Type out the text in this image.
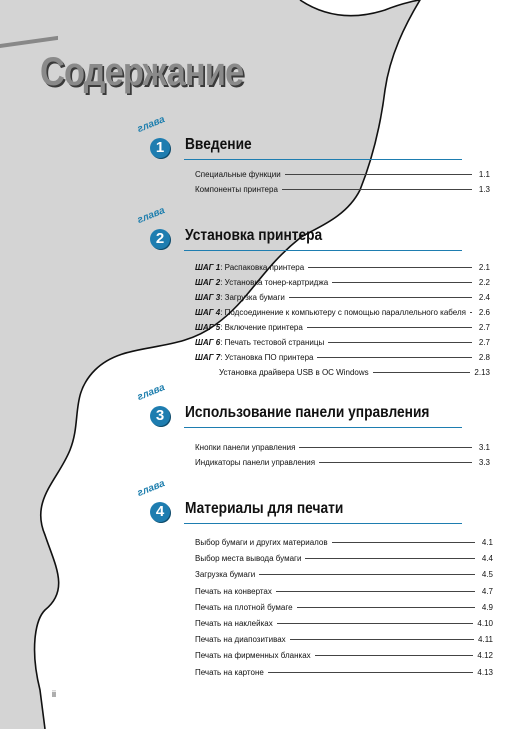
Содержание
глава
1	Введение
Специальные функции	1.1
Компоненты принтера	1.3
глава
2	Установка принтера
ШАГ 1: Распаковка принтера	2.1
ШАГ 2: Установка тонер-картриджа	2.2
ШАГ 3: Загрузка бумаги	2.4
ШАГ 4: Подсоединение к компьютеру с помощью параллельного кабеля	2.6
ШАГ 5: Включение принтера	2.7
ШАГ 6: Печать тестовой страницы	2.7
ШАГ 7: Установка ПО принтера	2.8
Установка драйвера USB в ОС Windows	2.13
глава
3	Использование панели управления
Кнопки панели управления	3.1
Индикаторы панели управления	3.3
глава
4	Материалы для печати
Выбор бумаги и других материалов	4.1
Выбор места вывода бумаги	4.4
Загрузка бумаги	4.5
Печать на конвертах	4.7
Печать на плотной бумаге	4.9
Печать на наклейках	4.10
Печать на диапозитивах	4.11
Печать на фирменных бланках	4.12
Печать на картоне	4.13
ii
